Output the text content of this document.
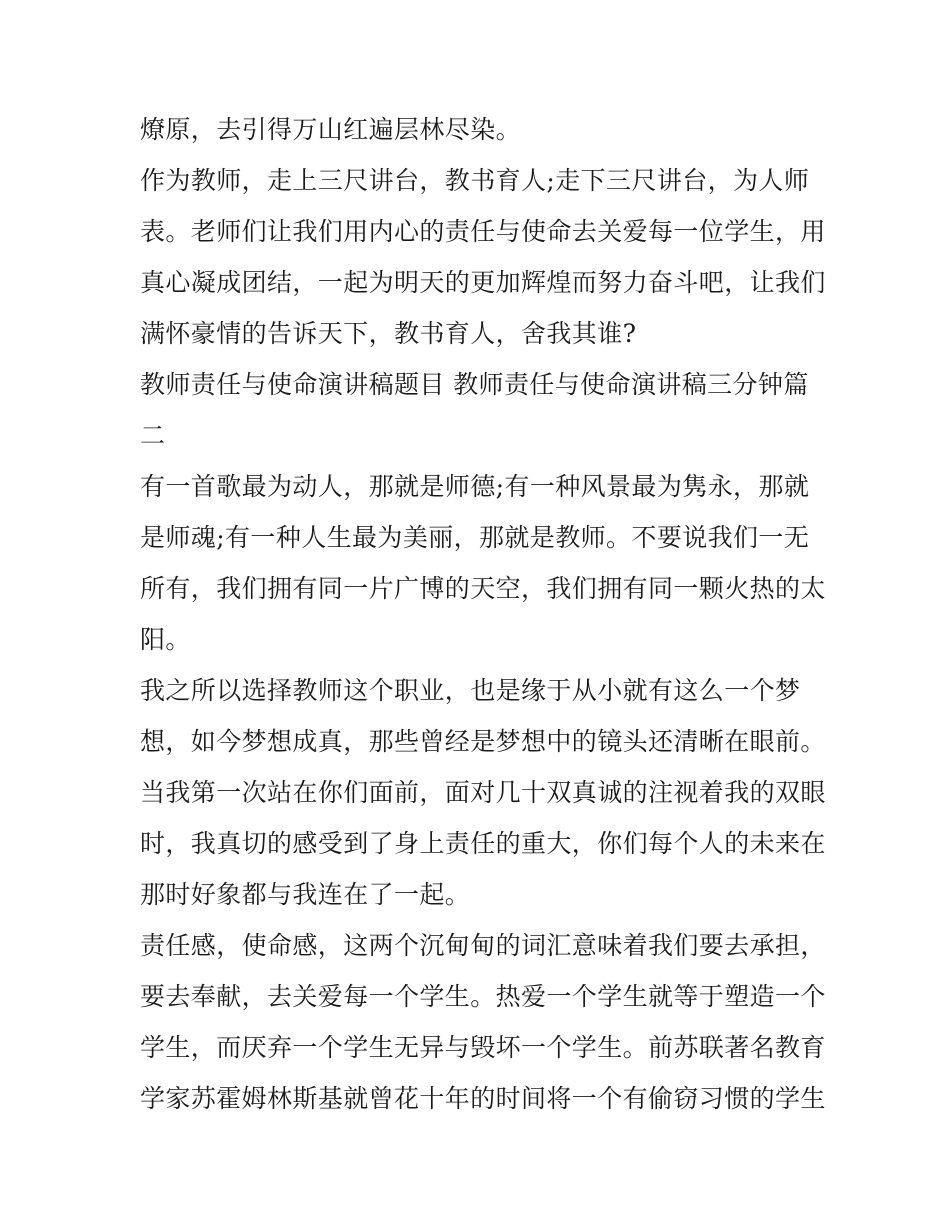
燎原，去引得万山红遍层林尽染。
作为教师，走上三尺讲台，教书育人;走下三尺讲台，为人师
表。老师们让我们用内心的责任与使命去关爱每一位学生，用
真心凝成团结，一起为明天的更加辉煌而努力奋斗吧，让我们
满怀豪情的告诉天下，教书育人，舍我其谁?
教师责任与使命演讲稿题目 教师责任与使命演讲稿三分钟篇
二
有一首歌最为动人，那就是师德;有一种风景最为隽永，那就
是师魂;有一种人生最为美丽，那就是教师。不要说我们一无
所有，我们拥有同一片广博的天空，我们拥有同一颗火热的太
阳。
我之所以选择教师这个职业，也是缘于从小就有这么一个梦
想，如今梦想成真，那些曾经是梦想中的镜头还清晰在眼前。
当我第一次站在你们面前，面对几十双真诚的注视着我的双眼
时，我真切的感受到了身上责任的重大，你们每个人的未来在
那时好象都与我连在了一起。
责任感，使命感，这两个沉甸甸的词汇意味着我们要去承担，
要去奉献，去关爱每一个学生。热爱一个学生就等于塑造一个
学生，而厌弃一个学生无异与毁坏一个学生。前苏联著名教育
学家苏霍姆林斯基就曾花十年的时间将一个有偷窃习惯的学生
